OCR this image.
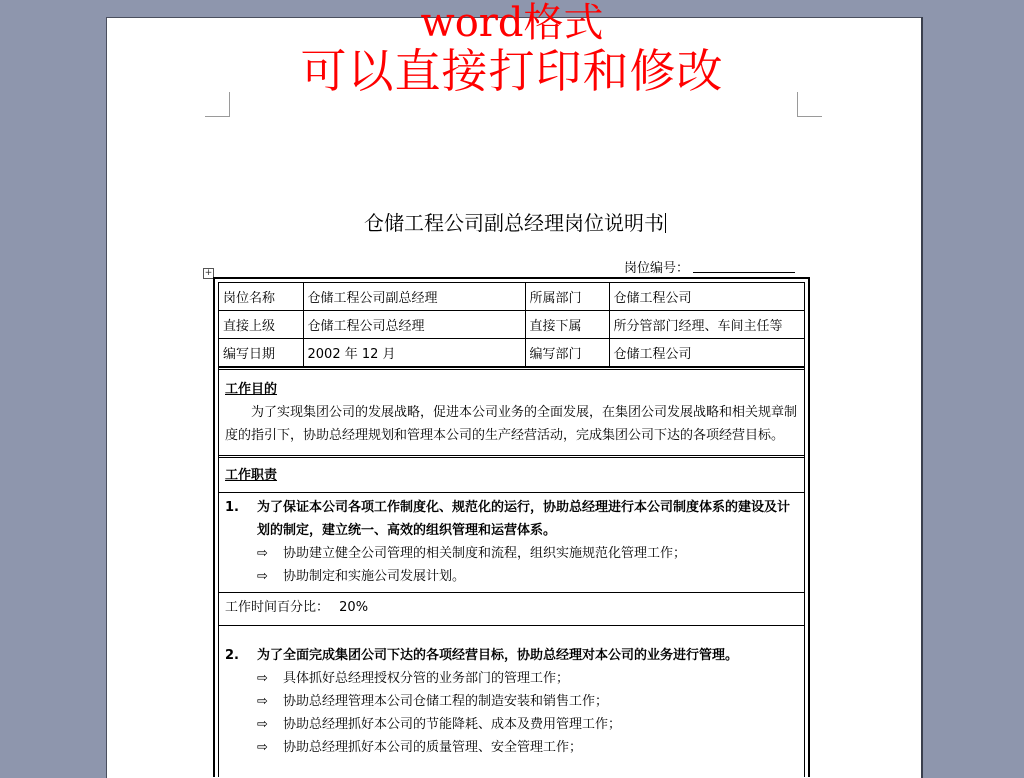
word格式
可以直接打印和修改
仓储工程公司副总经理岗位说明书
岗位编号：
+
岗位名称	仓储工程公司副总经理	所属部门	仓储工程公司
直接上级	仓储工程公司总经理	直接下属	所分管部门经理、车间主任等
编写日期	2002 年 12 月	编写部门	仓储工程公司

工作目的

为了实现集团公司的发展战略，促进本公司业务的全面发展，在集团公司发展战略和相关规章制度的指引下，协助总经理规划和管理本公司的生产经营活动，完成集团公司下达的各项经营目标。

工作职责

1.	为了保证本公司各项工作制度化、规范化的运行，协助总经理进行本公司制度体系的建设及计划的制定，建立统一、高效的组织管理和运营体系。
⇨	协助建立健全公司管理的相关制度和流程，组织实施规范化管理工作；
⇨	协助制定和实施公司发展计划。
工作时间百分比： 20%
2.	为了全面完成集团公司下达的各项经营目标，协助总经理对本公司的业务进行管理。
⇨	具体抓好总经理授权分管的业务部门的管理工作；
⇨	协助总经理管理本公司仓储工程的制造安装和销售工作；
⇨	协助总经理抓好本公司的节能降耗、成本及费用管理工作；
⇨	协助总经理抓好本公司的质量管理、安全管理工作；
